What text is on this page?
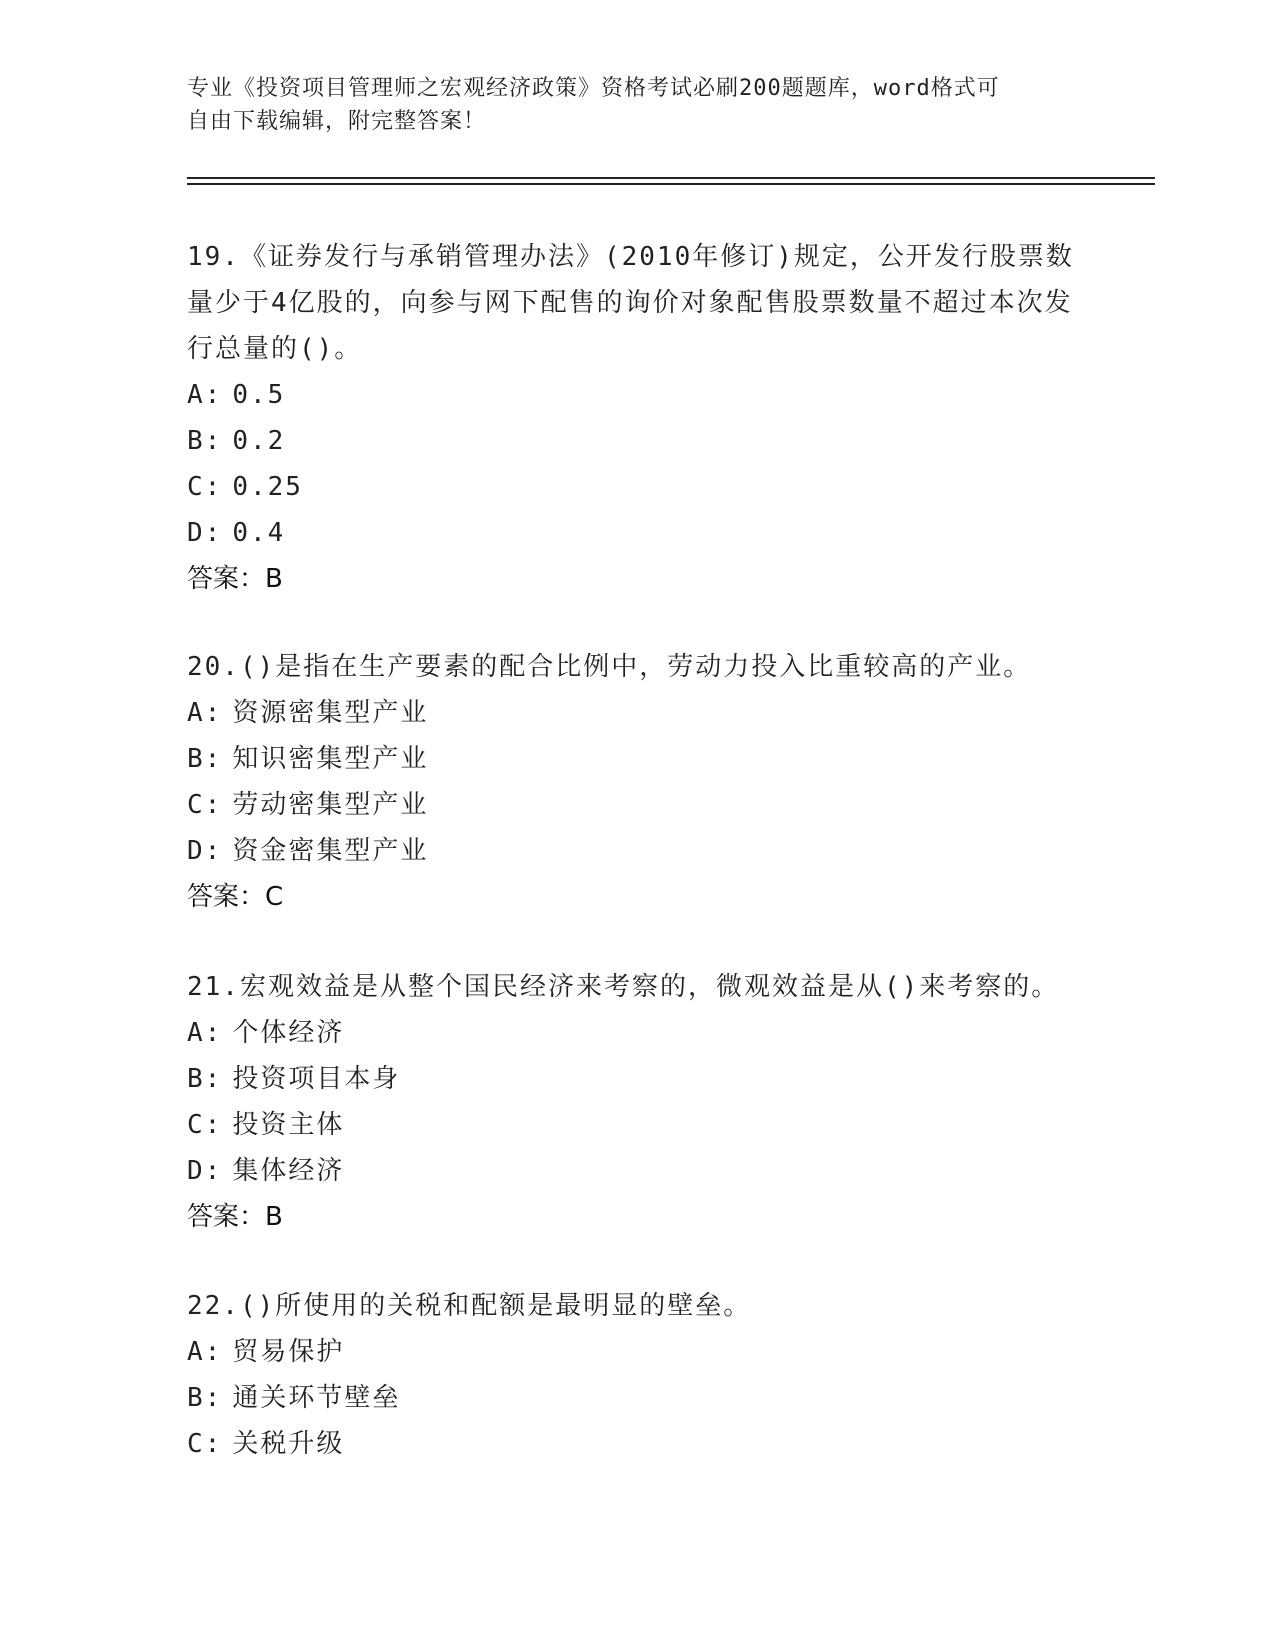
专业《投资项目管理师之宏观经济政策》资格考试必刷200题题库，word格式可
自由下载编辑，附完整答案！

19.《证券发行与承销管理办法》(2010年修订)规定，公开发行股票数量少于4亿股的，向参与网下配售的询价对象配售股票数量不超过本次发行总量的()。

A: 0.5
B: 0.2
C: 0.25
D: 0.4
答案：B

20.()是指在生产要素的配合比例中，劳动力投入比重较高的产业。

A: 资源密集型产业
B: 知识密集型产业
C: 劳动密集型产业
D: 资金密集型产业
答案：C

21.宏观效益是从整个国民经济来考察的，微观效益是从()来考察的。

A: 个体经济
B: 投资项目本身
C: 投资主体
D: 集体经济
答案：B

22.()所使用的关税和配额是最明显的壁垒。

A: 贸易保护
B: 通关环节壁垒
C: 关税升级
